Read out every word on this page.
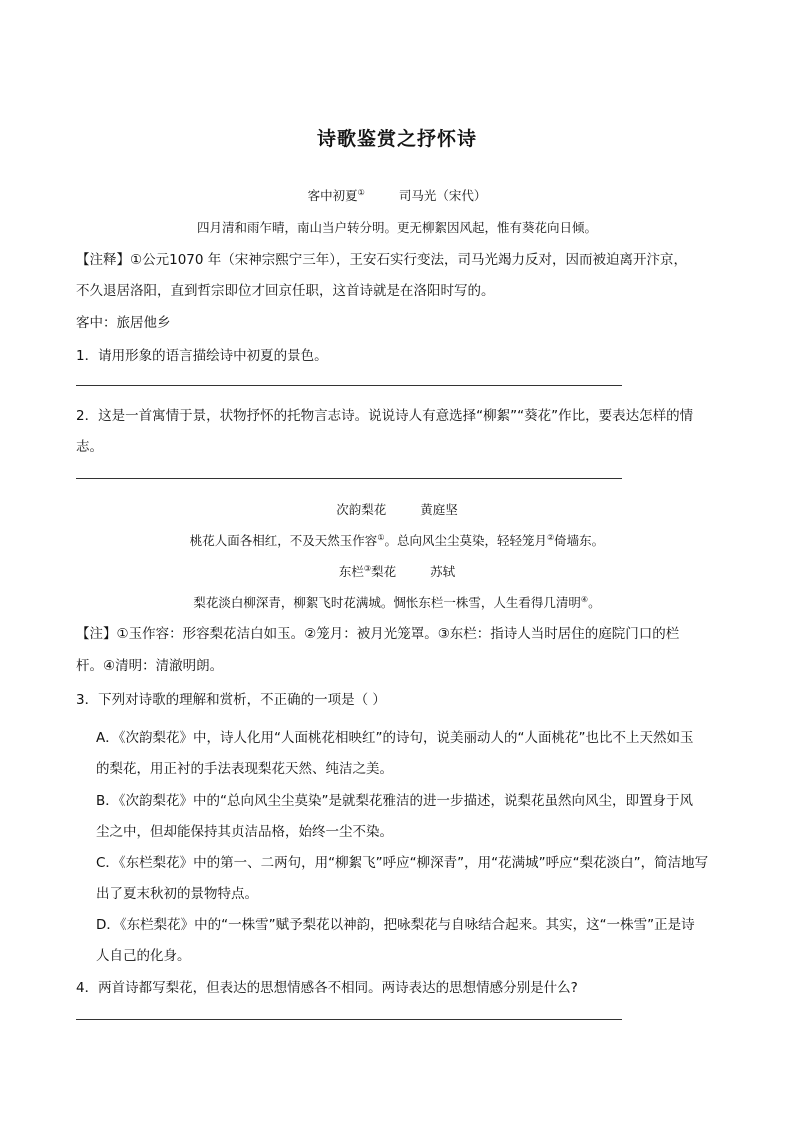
诗歌鉴赏之抒怀诗
客中初夏①	司马光（宋代）
四月清和雨乍晴，南山当户转分明。更无柳絮因风起，惟有葵花向日倾。
【注释】①公元1070 年（宋神宗熙宁三年），王安石实行变法，司马光竭力反对，因而被迫离开汴京，
不久退居洛阳，直到哲宗即位才回京任职，这首诗就是在洛阳时写的。
客中：旅居他乡
1．请用形象的语言描绘诗中初夏的景色。
2．这是一首寓情于景，状物抒怀的托物言志诗。说说诗人有意选择“柳絮”“葵花”作比，要表达怎样的情
志。
次韵梨花	黄庭坚
桃花人面各相红，不及天然玉作容①。总向风尘尘莫染，轻轻笼月②倚墙东。
东栏③梨花	苏轼
梨花淡白柳深青，柳絮飞时花满城。惆怅东栏一株雪，人生看得几清明④。
【注】①玉作容：形容梨花洁白如玉。②笼月：被月光笼罩。③东栏：指诗人当时居住的庭院门口的栏
杆。④清明：清澈明朗。
3．下列对诗歌的理解和赏析，不正确的一项是（ ）
A．《次韵梨花》中，诗人化用“人面桃花相映红”的诗句，说美丽动人的“人面桃花”也比不上天然如玉
的梨花，用正衬的手法表现梨花天然、纯洁之美。
B．《次韵梨花》中的“总向风尘尘莫染”是就梨花雅洁的进一步描述，说梨花虽然向风尘，即置身于风
尘之中，但却能保持其贞洁品格，始终一尘不染。
C．《东栏梨花》中的第一、二两句，用“柳絮飞”呼应“柳深青”，用“花满城”呼应“梨花淡白”，简洁地写
出了夏末秋初的景物特点。
D．《东栏梨花》中的“一株雪”赋予梨花以神韵，把咏梨花与自咏结合起来。其实，这“一株雪”正是诗
人自己的化身。
4．两首诗都写梨花，但表达的思想情感各不相同。两诗表达的思想情感分别是什么?
